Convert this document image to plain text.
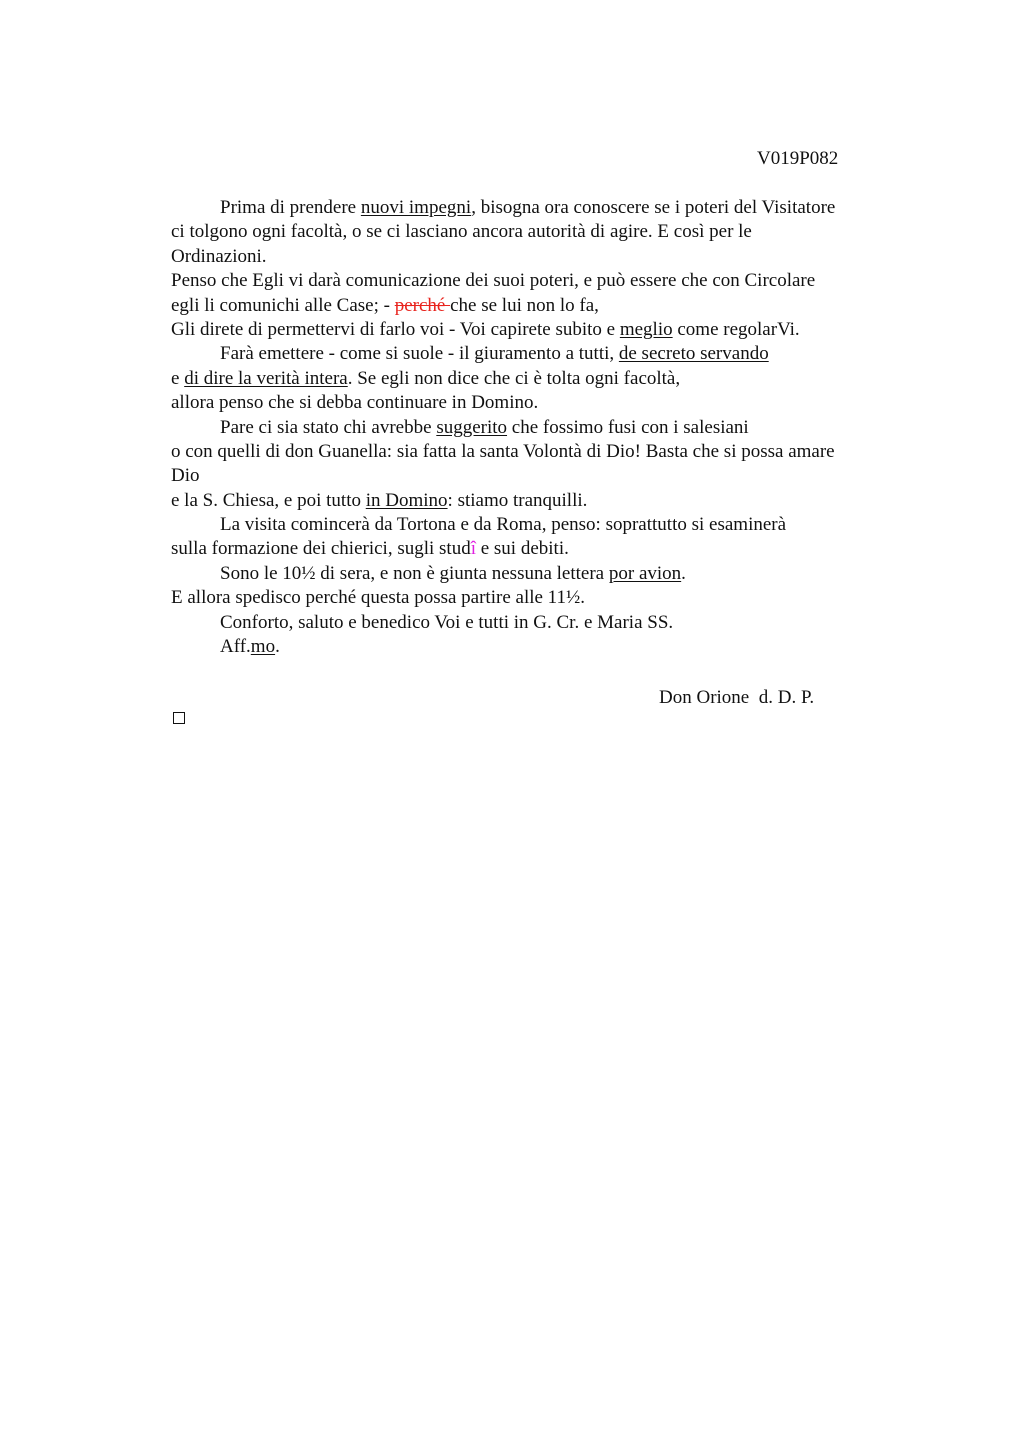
V019P082
Prima di prendere nuovi impegni, bisogna ora conoscere se i poteri del Visitatore
ci tolgono ogni facoltà, o se ci lasciano ancora autorità di agire. E così per le
Ordinazioni.
Penso che Egli vi darà comunicazione dei suoi poteri, e può essere che con Circolare
egli li comunichi alle Case; - perché che se lui non lo fa,
Gli direte di permettervi di farlo voi - Voi capirete subito e meglio come regolarVi.
Farà emettere - come si suole - il giuramento a tutti, de secreto servando
e di dire la verità intera. Se egli non dice che ci è tolta ogni facoltà,
allora penso che si debba continuare in Domino.
Pare ci sia stato chi avrebbe suggerito che fossimo fusi con i salesiani
o con quelli di don Guanella: sia fatta la santa Volontà di Dio! Basta che si possa amare
Dio
e la S. Chiesa, e poi tutto in Domino: stiamo tranquilli.
La visita comincerà da Tortona e da Roma, penso: soprattutto si esaminerà
sulla formazione dei chierici, sugli studî e sui debiti.
Sono le 10½ di sera, e non è giunta nessuna lettera por avion.
E allora spedisco perché questa possa partire alle 11½.
Conforto, saluto e benedico Voi e tutti in G. Cr. e Maria SS.
Aff.mo.
Don Orione  d. D. P.
